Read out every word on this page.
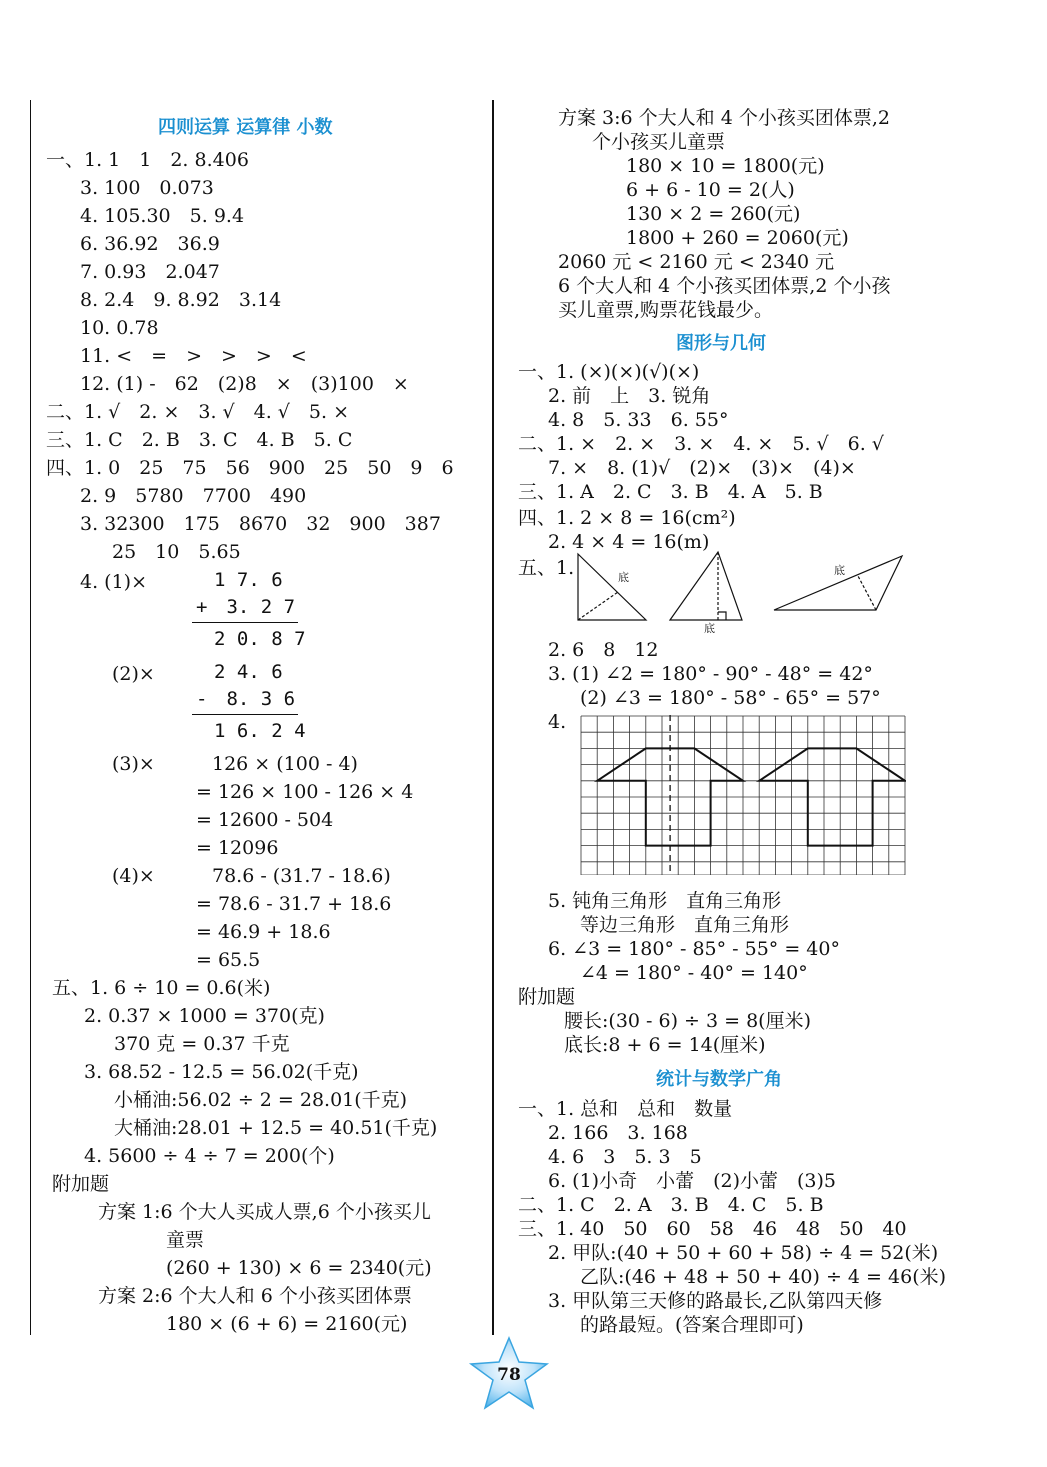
四则运算 运算律 小数
一、1. 1　1　2. 8.406
3. 100　0.073
4. 105.30　5. 9.4
6. 36.92　36.9
7. 0.93　2.047
8. 2.4　9. 8.92　3.14
10. 0.78
11. <　=　>　>　>　<
12. (1) -　62　(2)8　×　(3)100　×
二、1. √　2. ×　3. √　4. √　5. ×
三、1. C　2. B　3. C　4. B　5. C
四、1. 0　25　75　56　900　25　50　9　6
2. 9　5780　7700　490
3. 32300　175　8670　32　900　387
25　10　5.65
4. (1)×	1 7. 6
+　3. 2 7
2 0. 8 7
(2)×	2 4. 6
-　8. 3 6
1 6. 2 4
(3)×	126 × (100 - 4)
= 126 × 100 - 126 × 4
= 12600 - 504
= 12096
(4)×	78.6 - (31.7 - 18.6)
= 78.6 - 31.7 + 18.6
= 46.9 + 18.6
= 65.5
五、1. 6 ÷ 10 = 0.6(米)
2. 0.37 × 1000 = 370(克)
370 克 = 0.37 千克
3. 68.52 - 12.5 = 56.02(千克)
小桶油:56.02 ÷ 2 = 28.01(千克)
大桶油:28.01 + 12.5 = 40.51(千克)
4. 5600 ÷ 4 ÷ 7 = 200(个)
附加题
方案 1:6 个大人买成人票,6 个小孩买儿
童票
(260 + 130) × 6 = 2340(元)
方案 2:6 个大人和 6 个小孩买团体票
180 × (6 + 6) = 2160(元)
方案 3:6 个大人和 4 个小孩买团体票,2
个小孩买儿童票
180 × 10 = 1800(元)
6 + 6 - 10 = 2(人)
130 × 2 = 260(元)
1800 + 260 = 2060(元)
2060 元 < 2160 元 < 2340 元
6 个大人和 4 个小孩买团体票,2 个小孩
买儿童票,购票花钱最少。
图形与几何
一、1. (×)(×)(√)(×)
2. 前　上　3. 锐角
4. 8　5. 33　6. 55°
二、1. ×　2. ×　3. ×　4. ×　5. √　6. √
7. ×　8. (1)√　(2)×　(3)×　(4)×
三、1. A　2. C　3. B　4. A　5. B
四、1. 2 × 8 = 16(cm²)
2. 4 × 4 = 16(m)
五、1.	底
底
底
2. 6　8　12
3. (1) ∠2 = 180° - 90° - 48° = 42°
(2) ∠3 = 180° - 58° - 65° = 57°
4.
5. 钝角三角形　直角三角形
等边三角形　直角三角形
6. ∠3 = 180° - 85° - 55° = 40°
∠4 = 180° - 40° = 140°
附加题
腰长:(30 - 6) ÷ 3 = 8(厘米)
底长:8 + 6 = 14(厘米)
统计与数学广角
一、1. 总和　总和　数量
2. 166　3. 168
4. 6　3　5. 3　5
6. (1)小奇　小蕾　(2)小蕾　(3)5
二、1. C　2. A　3. B　4. C　5. B
三、1. 40　50　60　58　46　48　50　40
2. 甲队:(40 + 50 + 60 + 58) ÷ 4 = 52(米)
乙队:(46 + 48 + 50 + 40) ÷ 4 = 46(米)
3. 甲队第三天修的路最长,乙队第四天修
的路最短。(答案合理即可)
78
